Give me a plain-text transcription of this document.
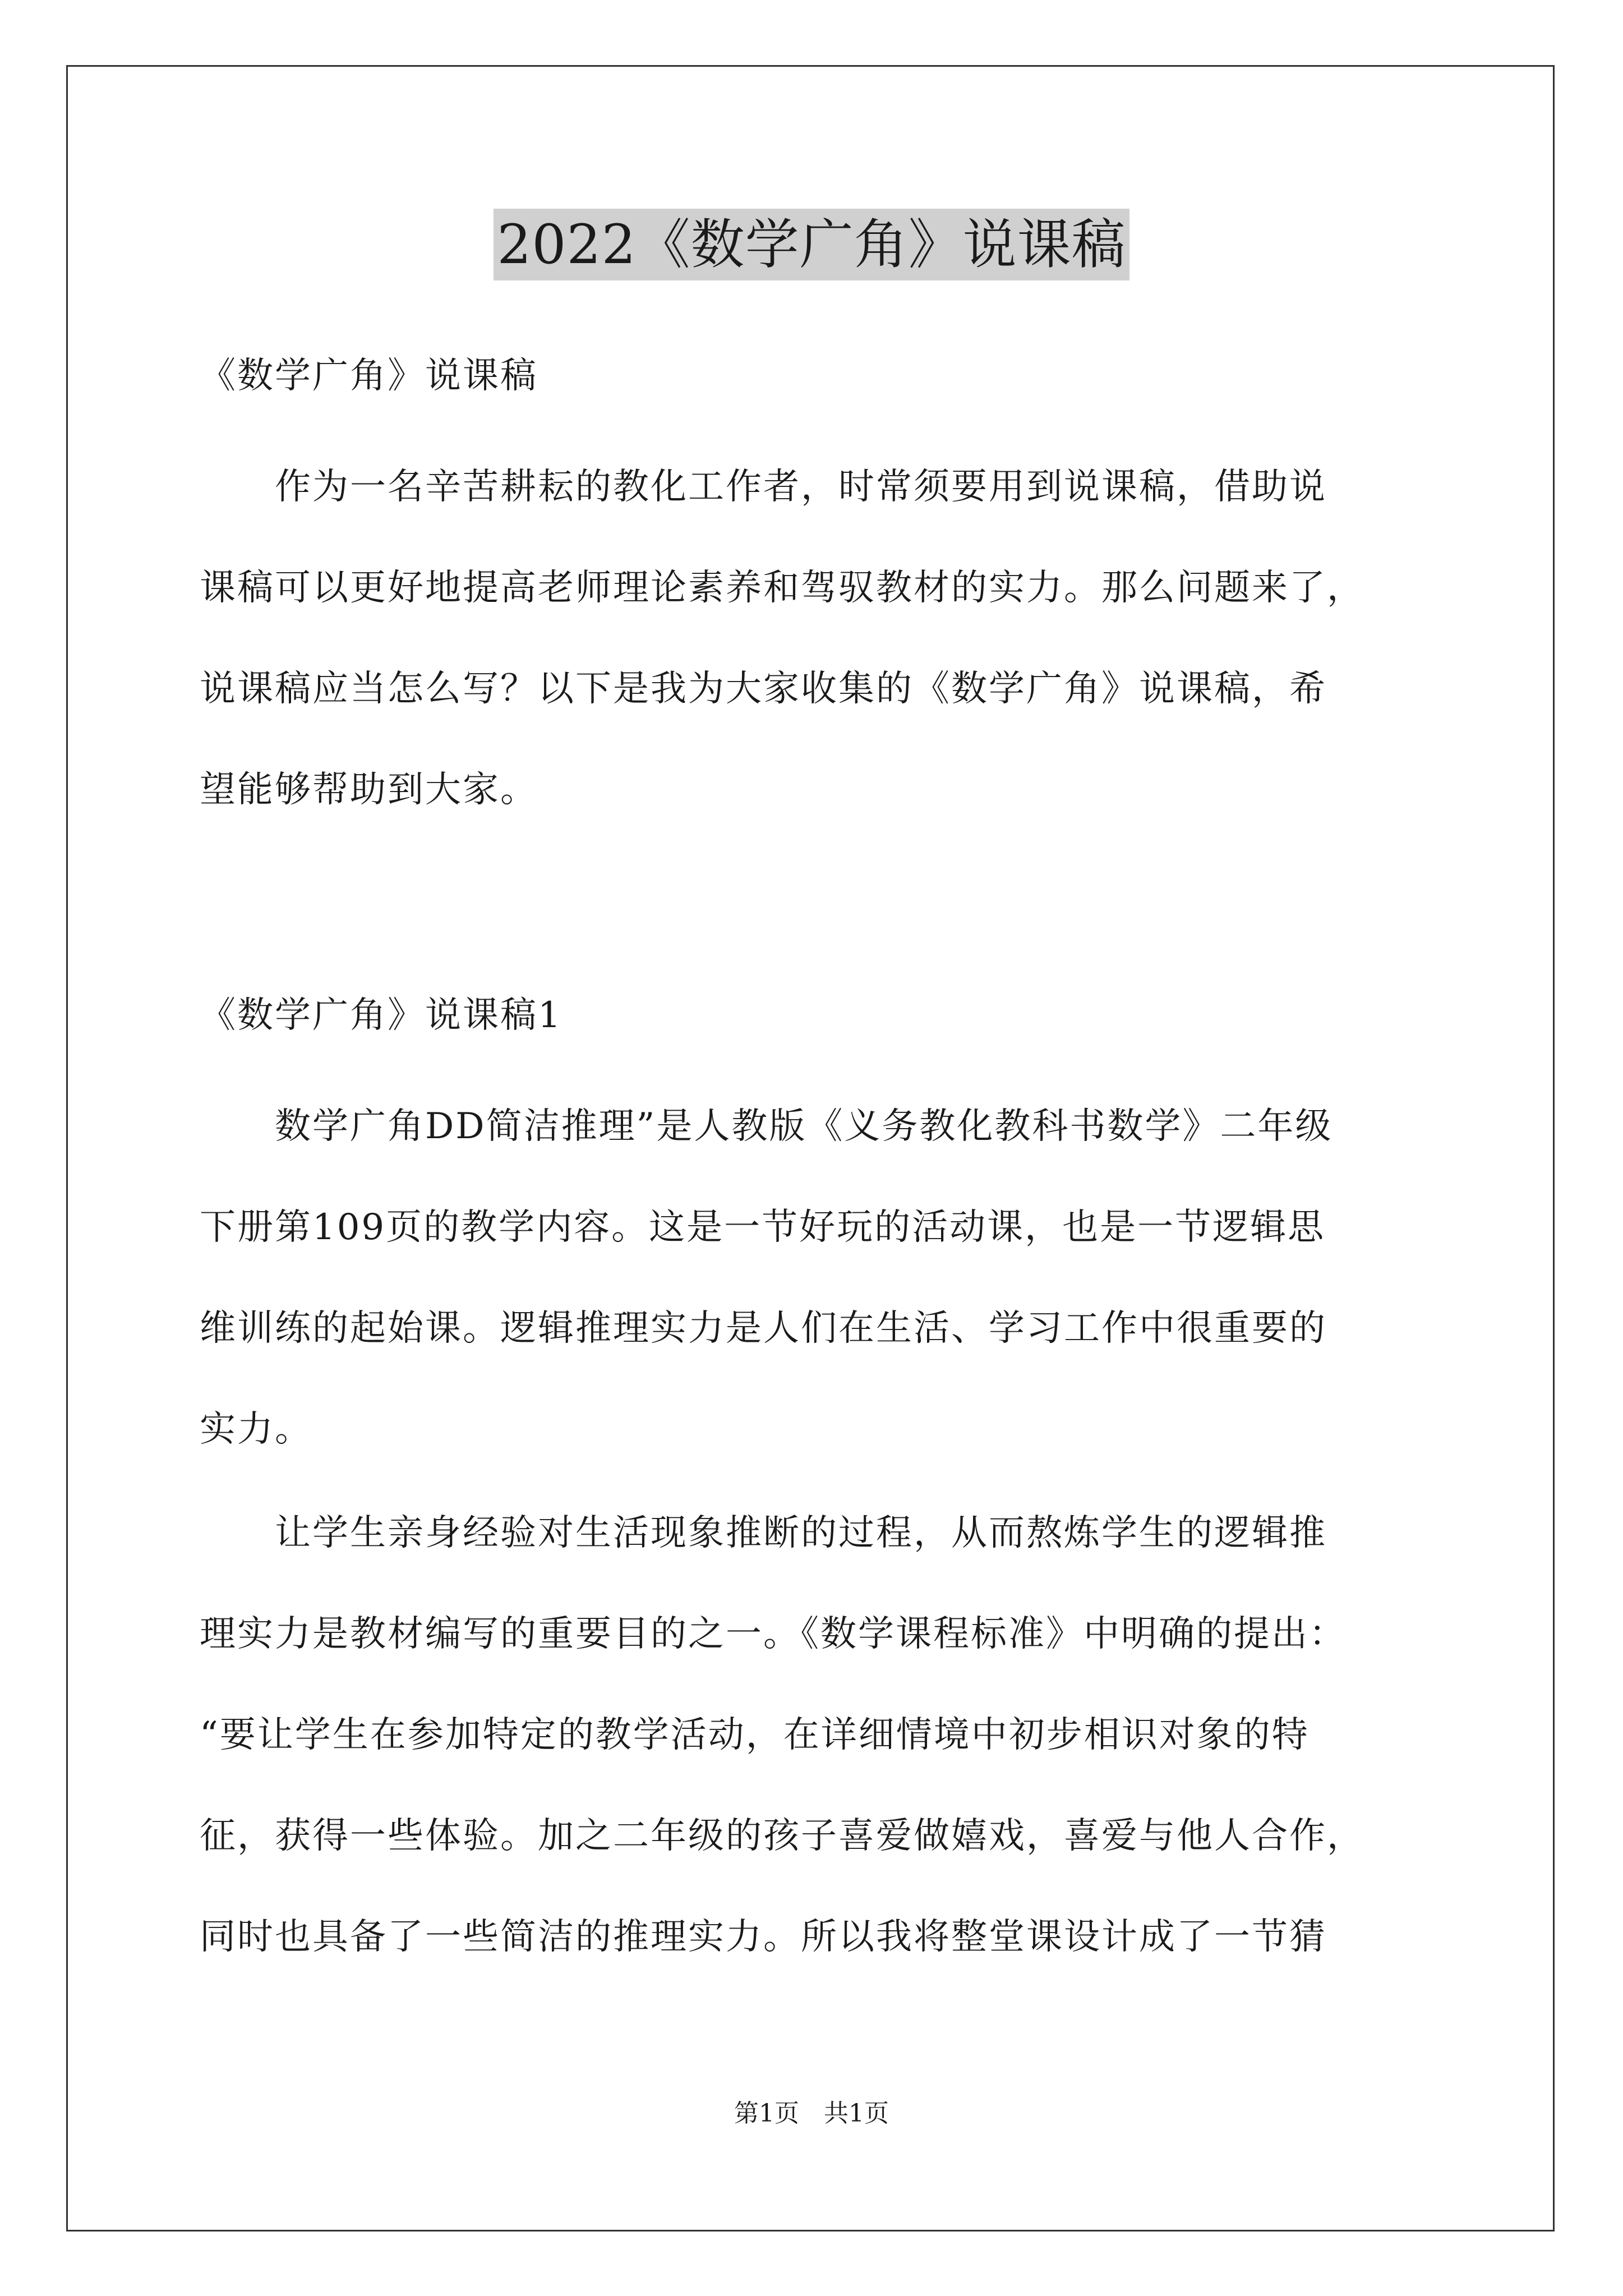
2022《数学广角》说课稿
《数学广角》说课稿
　　作为一名辛苦耕耘的教化工作者，时常须要用到说课稿，借助说
课稿可以更好地提高老师理论素养和驾驭教材的实力。那么问题来了，
说课稿应当怎么写？以下是我为大家收集的《数学广角》说课稿，希
望能够帮助到大家。
《数学广角》说课稿1
　　数学广角DD简洁推理”是人教版《义务教化教科书数学》二年级
下册第109页的教学内容。这是一节好玩的活动课，也是一节逻辑思
维训练的起始课。逻辑推理实力是人们在生活、学习工作中很重要的
实力。
　　让学生亲身经验对生活现象推断的过程，从而熬炼学生的逻辑推
理实力是教材编写的重要目的之一。《数学课程标准》中明确的提出：
“要让学生在参加特定的教学活动，在详细情境中初步相识对象的特
征，获得一些体验。加之二年级的孩子喜爱做嬉戏，喜爱与他人合作，
同时也具备了一些简洁的推理实力。所以我将整堂课设计成了一节猜
第1页　共1页
